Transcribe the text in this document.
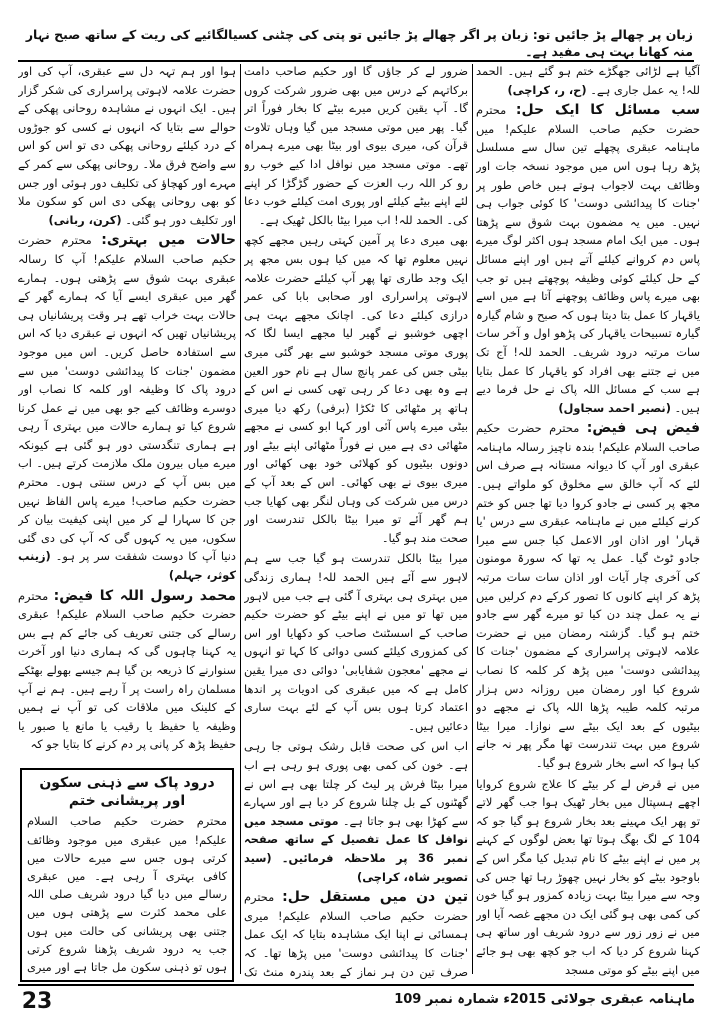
زبان پر چھالے پڑ جائیں تو: زبان پر اگر چھالے پڑ جائیں تو پتی کی چٹنی کسیالگائیے کی ریت کے ساتھ صبح نہار منہ کھانا بہت ہی مفید ہے۔

آگیا ہے لڑائی جھگڑے ختم ہو گئے ہیں۔ الحمد للہ! یہ عمل جاری ہے۔ (ح، ر، کراچی)

سب مسائل کا ایک حل: محترم حضرت حکیم صاحب السلام علیکم! میں ماہنامہ عبقری پچھلے تین سال سے مسلسل پڑھ رہا ہوں اس میں موجود نسخہ جات اور وظائف بہت لاجواب ہوتے ہیں خاص طور پر 'جنات کا پیدائشی دوست' کا کوئی جواب ہی نہیں۔ میں یہ مضمون بہت شوق سے پڑھتا ہوں۔ میں ایک امام مسجد ہوں اکثر لوگ میرے پاس دم کروانے کیلئے آتے ہیں اور اپنے مسائل کے حل کیلئے کوئی وظیفہ پوچھتے ہیں تو جب بھی میرے پاس وظائف پوچھنے آتا ہے میں اسے یاقہار کا عمل بتا دیتا ہوں کہ صبح و شام گیارہ گیارہ تسبیحات یاقہار کی پڑھو اول و آخر سات سات مرتبہ درود شریف۔ الحمد للہ! آج تک میں نے جتنے بھی افراد کو یاقہار کا عمل بتایا ہے سب کے مسائل اللہ پاک نے حل فرما دیے ہیں۔ (نصیر احمد سجاول)

فیض ہی فیض: محترم حضرت حکیم صاحب السلام علیکم! بندہ ناچیز رسالہ ماہنامہ عبقری اور آپ کا دیوانہ مستانہ ہے صرف اس لئے کہ آپ خالق سے مخلوق کو ملواتے ہیں۔ مجھ پر کسی نے جادو کروا دیا تھا جس کو ختم کرنے کیلئے میں نے ماہنامہ عبقری سے درس 'یا قہار' اور اذان اور الاعمل کیا جس سے میرا جادو ٹوٹ گیا۔ عمل یہ تھا کہ سورۃ مومنون کی آخری چار آیات اور اذان سات سات مرتبہ پڑھ کر اپنے کانوں کا تصور کرکے دم کرلیں میں نے یہ عمل چند دن کیا تو میرے گھر سے جادو ختم ہو گیا۔ گزشتہ رمضان میں نے حضرت علامہ لاہوتی پراسراری کے مضمون 'جنات کا پیدائشی دوست' میں پڑھ کر کلمہ کا نصاب شروع کیا اور رمضان میں روزانہ دس ہزار مرتبہ کلمہ طیبہ پڑھا اللہ پاک نے مجھے دو بیٹیوں کے بعد ایک بیٹے سے نوازا۔ میرا بیٹا شروع میں بہت تندرست تھا مگر پھر نہ جانے کیا ہوا کہ اسے بخار شروع ہو گیا۔

میں نے قرض لے کر بیٹے کا علاج شروع کروایا اچھے ہسپتال میں بخار ٹھیک ہوا جب گھر لاتے تو پھر ایک مہینے بعد بخار شروع ہو گیا جو کہ 104 کے لگ بھگ ہوتا تھا بعض لوگوں کے کہنے پر میں نے اپنے بیٹے کا نام تبدیل کیا مگر اس کے باوجود بیٹے کو بخار نہیں چھوڑ رہا تھا جس کی وجہ سے میرا بیٹا بہت زیادہ کمزور ہو گیا خون کی کمی بھی ہو گئی ایک دن مجھے غصہ آیا اور میں نے زور زور سے درود شریف اور ساتھ ہی کہنا شروع کر دیا کہ اب جو کچھ بھی ہو جائے میں اپنے بیٹے کو موتی مسجد

ضرور لے کر جاؤں گا اور حکیم صاحب دامت برکاتہم کے درس میں بھی ضرور شرکت کروں گا۔ آپ یقین کریں میرے بیٹے کا بخار فوراً اتر گیا۔ پھر میں موتی مسجد میں گیا وہاں تلاوت قرآن کی، میری بیوی اور بیٹا بھی میرے ہمراہ تھے۔ موتی مسجد میں نوافل ادا کیے خوب رو رو کر اللہ رب العزت کے حضور گڑگڑا کر اپنے لئے اپنے بیٹے کیلئے اور پوری امت کیلئے خوب دعا کی۔ الحمد للہ! اب میرا بیٹا بالکل ٹھیک ہے۔

بھی میری دعا پر آمین کہتی رہیں مجھے کچھ نہیں معلوم تھا کہ میں کیا ہوں بس مجھ پر ایک وجد طاری تھا پھر آپ کیلئے حضرت علامہ لاہوتی پراسراری اور صحابی بابا کی عمر درازی کیلئے دعا کی۔ اچانک مجھے بہت ہی اچھی خوشبو نے گھیر لیا مجھے ایسا لگا کہ پوری موتی مسجد خوشبو سے بھر گئی میری بیٹی جس کی عمر پانچ سال ہے نام حور العین ہے وہ بھی دعا کر رہی تھی کسی نے اس کے ہاتھ پر مٹھائی کا ٹکڑا (برفی) رکھ دیا میری بیٹی میرے پاس آئی اور کہا ابو کسی نے مجھے مٹھائی دی ہے میں نے فوراً مٹھائی اپنے بیٹے اور دونوں بیٹیوں کو کھلائی خود بھی کھائی اور میری بیوی نے بھی کھائی۔ اس کے بعد آپ کے درس میں شرکت کی وہاں لنگر بھی کھایا جب ہم گھر آئے تو میرا بیٹا بالکل تندرست اور صحت مند ہو گیا۔

میرا بیٹا بالکل تندرست ہو گیا جب سے ہم لاہور سے آئے ہیں الحمد للہ! ہماری زندگی میں بہتری ہی بہتری آ گئی ہے جب میں لاہور میں تھا تو میں نے اپنے بیٹے کو حضرت حکیم صاحب کے اسسٹنٹ صاحب کو دکھایا اور اس کی کمزوری کیلئے کسی دوائی کا کہا تو انہوں نے مجھے 'معجون شفایابی' دوائی دی میرا یقین کامل ہے کہ میں عبقری کی ادویات پر اندھا اعتماد کرتا ہوں بس آپ کے لئے بہت ساری دعائیں ہیں۔

اب اس کی صحت قابل رشک ہوتی جا رہی ہے۔ خون کی کمی بھی پوری ہو رہی ہے اب میرا بیٹا فرش پر لیٹ کر چلتا بھی ہے اس نے گھٹنوں کے بل چلنا شروع کر دیا ہے اور سہارے سے کھڑا بھی ہو جاتا ہے۔ موتی مسجد میں نوافل کا عمل تفصیل کے ساتھ صفحہ نمبر 36 پر ملاحظہ فرمائیں۔ (سید تصویر شاہ، کراچی)

تین دن میں مستقل حل: محترم حضرت حکیم صاحب السلام علیکم! میری ہمسائی نے اپنا ایک مشاہدہ بتایا کہ ایک عمل 'جنات کا پیدائشی دوست' میں پڑھا تھا۔ کہ صرف تین دن ہر نماز کے بعد پندرہ منٹ تک

ہوا اور ہم تہہ دل سے عبقری، آپ کی اور حضرت علامہ لاہوتی پراسراری کی شکر گزار ہیں۔ ایک انہوں نے مشاہدہ روحانی پھکی کے حوالے سے بتایا کہ انہوں نے کسی کو جوڑوں کے درد کیلئے روحانی پھکی دی تو اس کو اس سے واضح فرق ملا۔ روحانی پھکی سے کمر کے مہرے اور کھچاؤ کی تکلیف دور ہوئی اور جس کو بھی روحانی پھکی دی اس کو سکون ملا اور تکلیف دور ہو گئی۔ (کرن، ربانی)

حالات میں بہتری: محترم حضرت حکیم صاحب السلام علیکم! آپ کا رسالہ عبقری بہت شوق سے پڑھتی ہوں۔ ہمارے گھر میں عبقری ایسے آیا کہ ہمارے گھر کے حالات بہت خراب تھے ہر وقت پریشانیاں ہی پریشانیاں تھیں کہ انہوں نے عبقری دیا کہ اس سے استفادہ حاصل کریں۔ اس میں موجود مضمون 'جنات کا پیدائشی دوست' میں سے درود پاک کا وظیفہ اور کلمہ کا نصاب اور دوسرے وظائف کیے جو بھی میں نے عمل کرنا شروع کیا تو ہمارے حالات میں بہتری آ رہی ہے ہماری تنگدستی دور ہو گئی ہے کیونکہ میرے میاں بیرون ملک ملازمت کرتے ہیں۔ اب میں بس آپ کے درس سنتی ہوں۔ محترم حضرت حکیم صاحب! میرے پاس الفاظ نہیں جن کا سہارا لے کر میں اپنی کیفیت بیان کر سکوں، میں یہ کہوں گی کہ آپ کی دی گئی دنیا آپ کا دوست شفقت سر پر ہو۔ (زینب کوثر، جہلم)

محمد رسول اللہ کا فیض: محترم حضرت حکیم صاحب السلام علیکم! عبقری رسالے کی جتنی تعریف کی جائے کم ہے بس یہ کہنا چاہوں گی کہ ہماری دنیا اور آخرت سنوارنے کا ذریعہ بن گیا ہم جیسے بھولے بھٹکے مسلمان راہ راست پر آ رہے ہیں۔ ہم نے آپ کے کلینک میں ملاقات کی تو آپ نے ہمیں وظیفہ یا حفیظ یا رقیب یا مانع یا صبور یا حفیظ پڑھ کر پانی پر دم کرنے کا بتایا جو کہ

درود پاک سے ذہنی سکون اور پریشانی ختم
محترم حضرت حکیم صاحب السلام علیکم! میں عبقری میں موجود وظائف کرتی ہوں جس سے میرے حالات میں کافی بہتری آ رہی ہے۔ میں عبقری رسالے میں دیا گیا درود شریف صلی اللہ علی محمد کثرت سے پڑھتی ہوں میں جتنی بھی پریشانی کی حالت میں ہوں جب یہ درود شریف پڑھنا شروع کرتی ہوں تو ذہنی سکون مل جاتا ہے اور میری
23	ماہنامہ عبقری جولائی 2015ء شمارہ نمبر 109
